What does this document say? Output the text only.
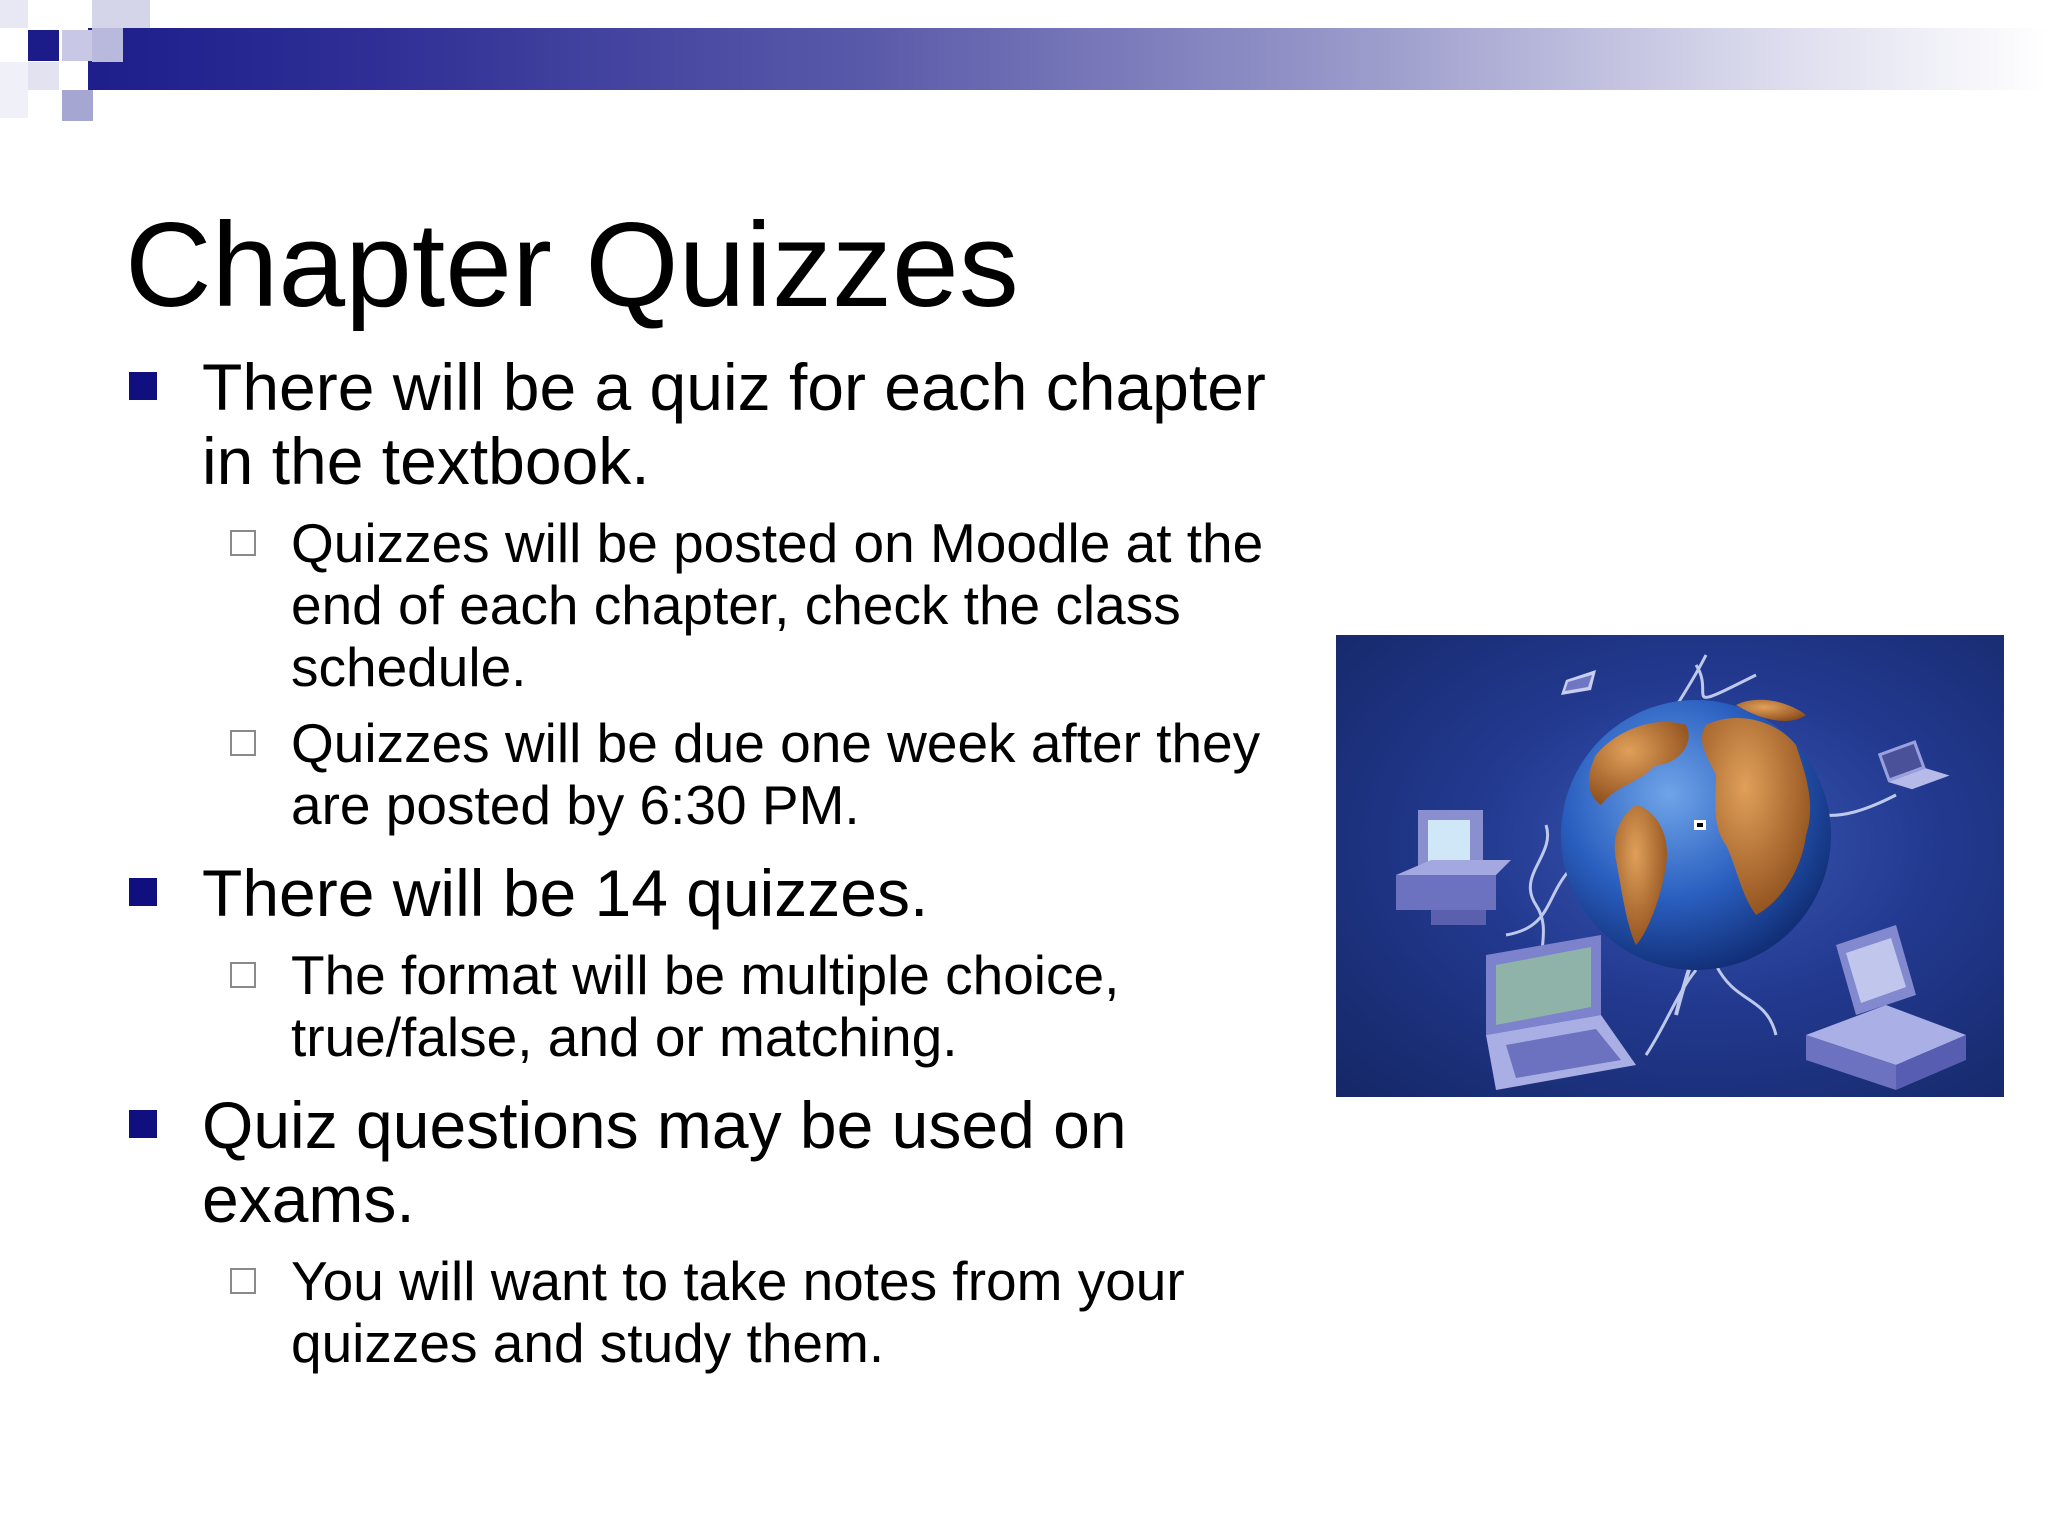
Chapter Quizzes
There will be a quiz for each chapter
in the textbook.
Quizzes will be posted on Moodle at the
end of each chapter, check the class
schedule.
Quizzes will be due one week after they
are posted by 6:30 PM.
There will be 14 quizzes.
The format will be multiple choice,
true/false, and or matching.
Quiz questions may be used on
exams.
You will want to take notes from your
quizzes and study them.
